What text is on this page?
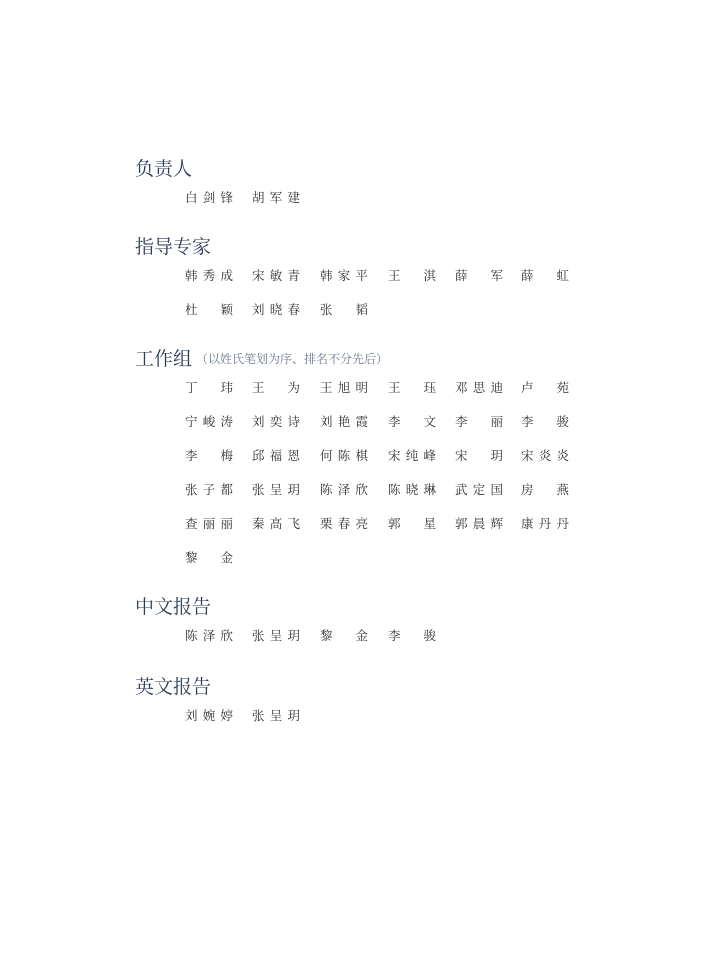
负责人
白剑锋 胡军建
指导专家
韩秀成 宋敏青 韩家平 王　淇 薛　军 薛　虹
杜　颖 刘晓春 张　韬
工作组 （以姓氏笔划为序、排名不分先后）
丁　玮 王　为 王旭明 王　珏 邓思迪 卢　苑
宁峻涛 刘奕诗 刘艳霞 李　文 李　丽 李　骏
李　梅 邱福恩 何陈棋 宋纯峰 宋　玥 宋炎炎
张子都 张呈玥 陈泽欣 陈晓琳 武定国 房　燕
查丽丽 秦高飞 栗春亮 郭　星 郭晨辉 康丹丹
黎　金
中文报告
陈泽欣 张呈玥 黎　金 李　骏
英文报告
刘婉婷 张呈玥
